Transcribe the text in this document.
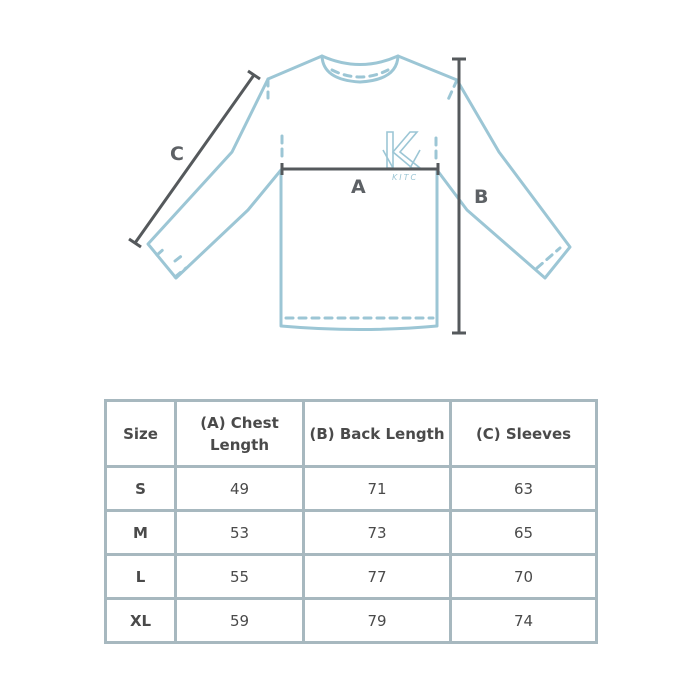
KITC
A	B
C
Size	(A) Chest Length	(B) Back Length	(C) Sleeves
S	49	71	63
M	53	73	65
L	55	77	70
XL	59	79	74
